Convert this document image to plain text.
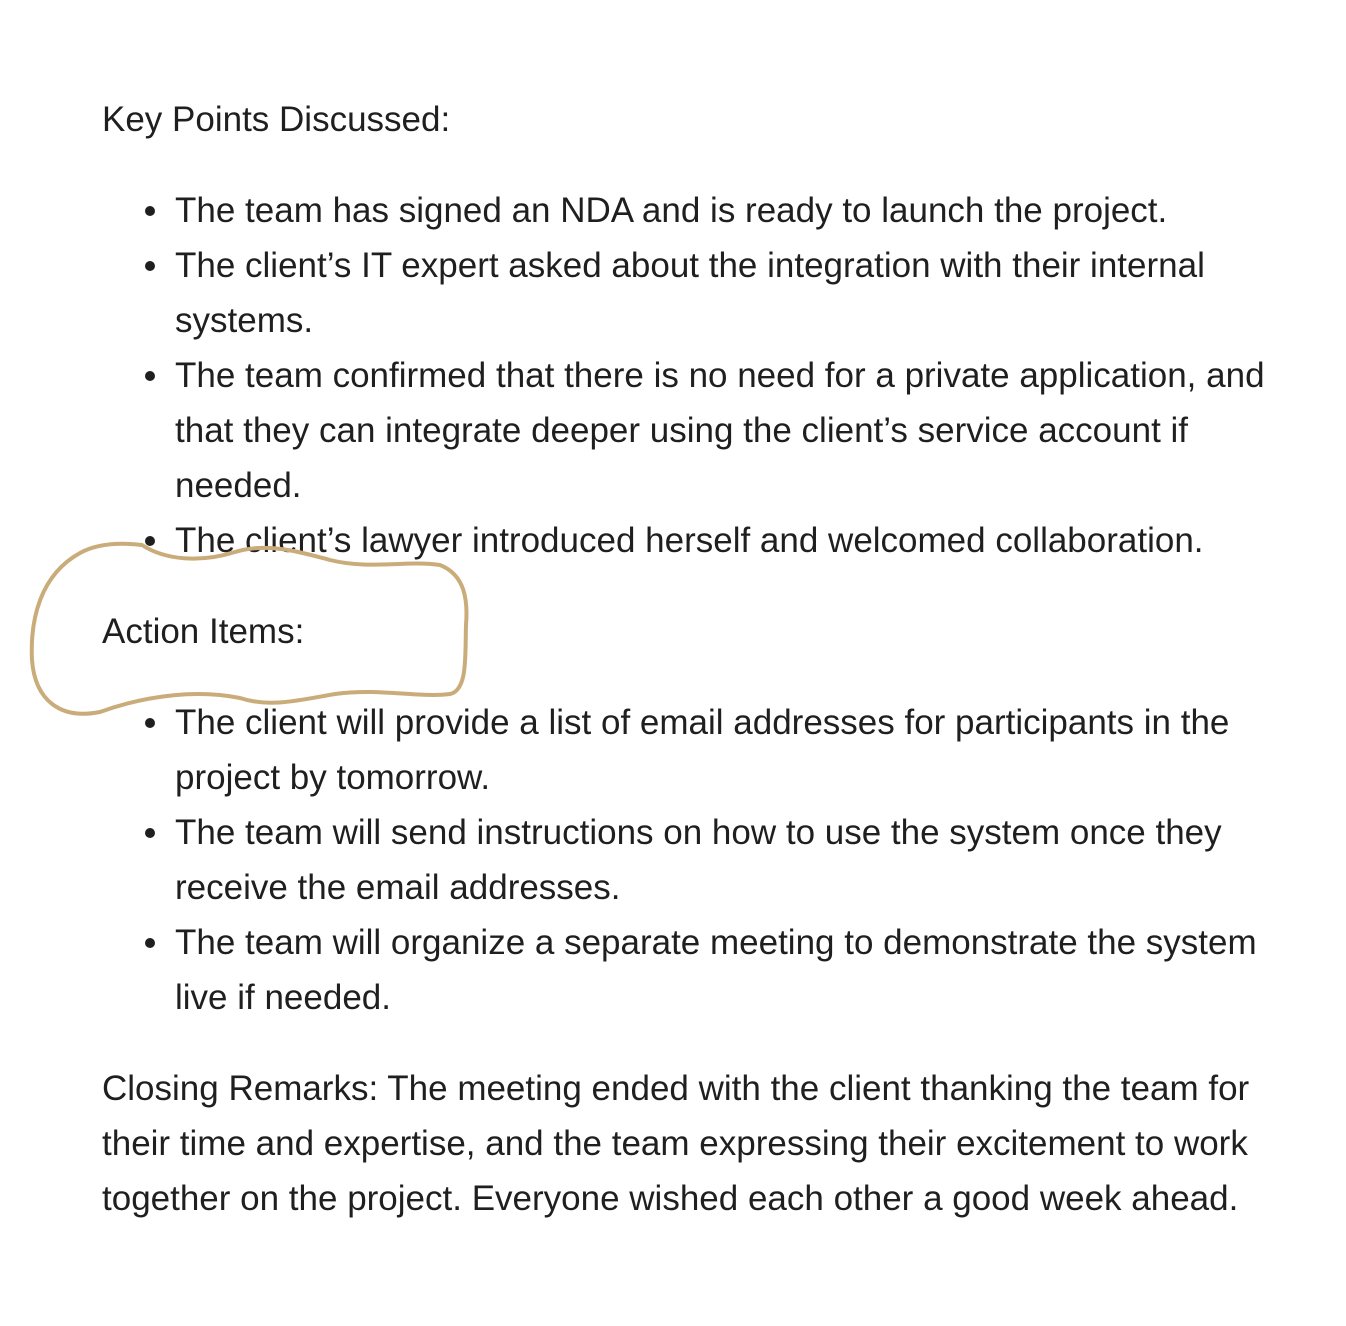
Key Points Discussed:

The team has signed an NDA and is ready to launch the project.
The client’s IT expert asked about the integration with their internal systems.
The team confirmed that there is no need for a private application, and that they can integrate deeper using the client’s service account if needed.
The client’s lawyer introduced herself and welcomed collaboration.

Action Items:

The client will provide a list of email addresses for participants in the project by tomorrow.
The team will send instructions on how to use the system once they receive the email addresses.
The team will organize a separate meeting to demonstrate the system live if needed.

Closing Remarks: The meeting ended with the client thanking the team for their time and expertise, and the team expressing their excitement to work together on the project. Everyone wished each other a good week ahead.
